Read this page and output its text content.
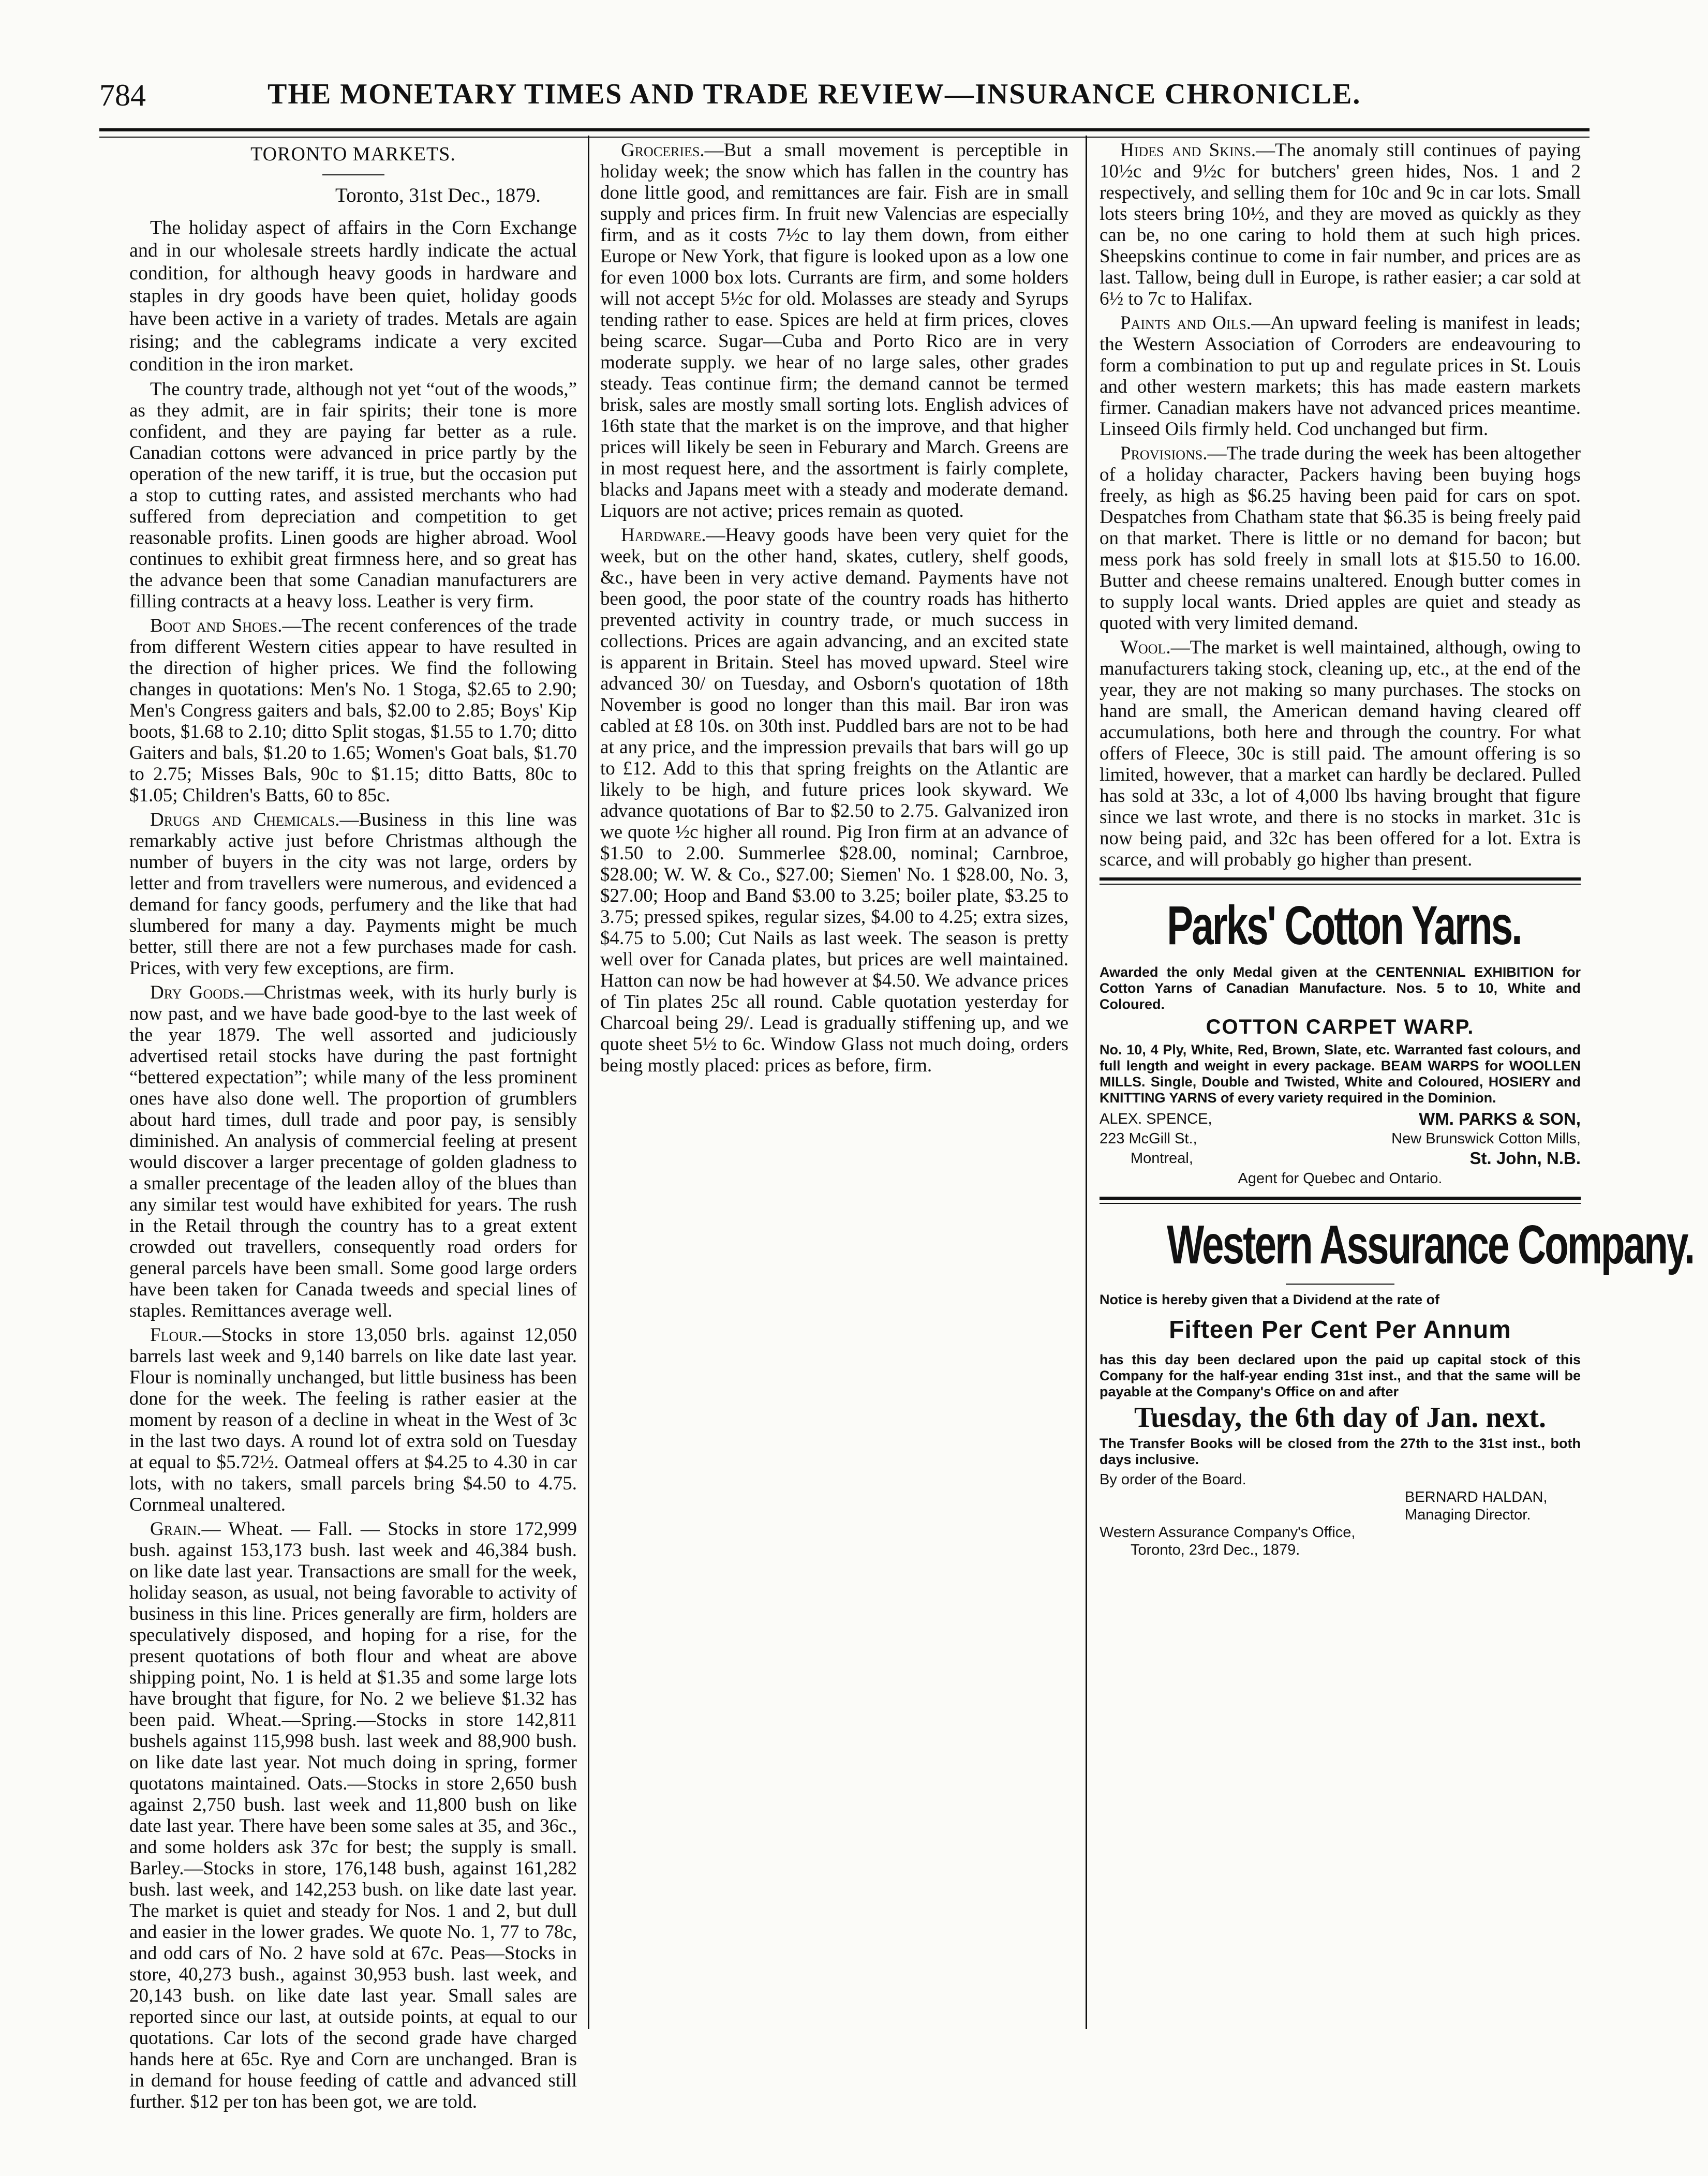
784	THE MONETARY TIMES AND TRADE REVIEW—INSURANCE CHRONICLE.

TORONTO MARKETS.

Toronto, 31st Dec., 1879.

The holiday aspect of affairs in the Corn Exchange and in our wholesale streets hardly indicate the actual condition, for although heavy goods in hardware and staples in dry goods have been quiet, holiday goods have been active in a variety of trades. Metals are again rising; and the cablegrams indicate a very excited condition in the iron market.

The country trade, although not yet “out of the woods,” as they admit, are in fair spirits; their tone is more confident, and they are paying far better as a rule. Canadian cottons were advanced in price partly by the operation of the new tariff, it is true, but the occasion put a stop to cutting rates, and assisted merchants who had suffered from depreciation and competition to get reasonable profits. Linen goods are higher abroad. Wool continues to exhibit great firmness here, and so great has the advance been that some Canadian manufacturers are filling contracts at a heavy loss. Leather is very firm.

Boot and Shoes.—The recent conferences of the trade from different Western cities appear to have resulted in the direction of higher prices. We find the following changes in quotations: Men's No. 1 Stoga, $2.65 to 2.90; Men's Congress gaiters and bals, $2.00 to 2.85; Boys' Kip boots, $1.68 to 2.10; ditto Split stogas, $1.55 to 1.70; ditto Gaiters and bals, $1.20 to 1.65; Women's Goat bals, $1.70 to 2.75; Misses Bals, 90c to $1.15; ditto Batts, 80c to $1.05; Children's Batts, 60 to 85c.

Drugs and Chemicals.—Business in this line was remarkably active just before Christmas although the number of buyers in the city was not large, orders by letter and from travellers were numerous, and evidenced a demand for fancy goods, perfumery and the like that had slumbered for many a day. Payments might be much better, still there are not a few purchases made for cash. Prices, with very few exceptions, are firm.

Dry Goods.—Christmas week, with its hurly burly is now past, and we have bade good-bye to the last week of the year 1879. The well assorted and judiciously advertised retail stocks have during the past fortnight “bettered expectation”; while many of the less prominent ones have also done well. The proportion of grumblers about hard times, dull trade and poor pay, is sensibly diminished. An analysis of commercial feeling at present would discover a larger precentage of golden gladness to a smaller precentage of the leaden alloy of the blues than any similar test would have exhibited for years. The rush in the Retail through the country has to a great extent crowded out travellers, consequently road orders for general parcels have been small. Some good large orders have been taken for Canada tweeds and special lines of staples. Remittances average well.

Flour.—Stocks in store 13,050 brls. against 12,050 barrels last week and 9,140 barrels on like date last year. Flour is nominally unchanged, but little business has been done for the week. The feeling is rather easier at the moment by reason of a decline in wheat in the West of 3c in the last two days. A round lot of extra sold on Tuesday at equal to $5.72½. Oatmeal offers at $4.25 to 4.30 in car lots, with no takers, small parcels bring $4.50 to 4.75. Cornmeal unaltered.

Grain.— Wheat. — Fall. — Stocks in store 172,999 bush. against 153,173 bush. last week and 46,384 bush. on like date last year. Transactions are small for the week, holiday season, as usual, not being favorable to activity of business in this line. Prices generally are firm, holders are speculatively disposed, and hoping for a rise, for the present quotations of both flour and wheat are above shipping point, No. 1 is held at $1.35 and some large lots have brought that figure, for No. 2 we believe $1.32 has been paid. Wheat.—Spring.—Stocks in store 142,811 bushels against 115,998 bush. last week and 88,900 bush. on like date last year. Not much doing in spring, former quotatons maintained. Oats.—Stocks in store 2,650 bush against 2,750 bush. last week and 11,800 bush on like date last year. There have been some sales at 35, and 36c., and some holders ask 37c for best; the supply is small. Barley.—Stocks in store, 176,148 bush, against 161,282 bush. last week, and 142,253 bush. on like date last year. The market is quiet and steady for Nos. 1 and 2, but dull and easier in the lower grades. We quote No. 1, 77 to 78c, and odd cars of No. 2 have sold at 67c. Peas—Stocks in store, 40,273 bush., against 30,953 bush. last week, and 20,143 bush. on like date last year. Small sales are reported since our last, at outside points, at equal to our quotations. Car lots of the second grade have charged hands here at 65c. Rye and Corn are unchanged. Bran is in demand for house feeding of cattle and advanced still further. $12 per ton has been got, we are told.

Groceries.—But a small movement is perceptible in holiday week; the snow which has fallen in the country has done little good, and remittances are fair. Fish are in small supply and prices firm. In fruit new Valencias are especially firm, and as it costs 7½c to lay them down, from either Europe or New York, that figure is looked upon as a low one for even 1000 box lots. Currants are firm, and some holders will not accept 5½c for old. Molasses are steady and Syrups tending rather to ease. Spices are held at firm prices, cloves being scarce. Sugar—Cuba and Porto Rico are in very moderate supply. we hear of no large sales, other grades steady. Teas continue firm; the demand cannot be termed brisk, sales are mostly small sorting lots. English advices of 16th state that the market is on the improve, and that higher prices will likely be seen in Feburary and March. Greens are in most request here, and the assortment is fairly complete, blacks and Japans meet with a steady and moderate demand. Liquors are not active; prices remain as quoted.

Hardware.—Heavy goods have been very quiet for the week, but on the other hand, skates, cutlery, shelf goods, &c., have been in very active demand. Payments have not been good, the poor state of the country roads has hitherto prevented activity in country trade, or much success in collections. Prices are again advancing, and an excited state is apparent in Britain. Steel has moved upward. Steel wire advanced 30/ on Tuesday, and Osborn's quotation of 18th November is good no longer than this mail. Bar iron was cabled at £8 10s. on 30th inst. Puddled bars are not to be had at any price, and the impression prevails that bars will go up to £12. Add to this that spring freights on the Atlantic are likely to be high, and future prices look skyward. We advance quotations of Bar to $2.50 to 2.75. Galvanized iron we quote ½c higher all round. Pig Iron firm at an advance of $1.50 to 2.00. Summerlee $28.00, nominal; Carnbroe, $28.00; W. W. & Co., $27.00; Siemen' No. 1 $28.00, No. 3, $27.00; Hoop and Band $3.00 to 3.25; boiler plate, $3.25 to 3.75; pressed spikes, regular sizes, $4.00 to 4.25; extra sizes, $4.75 to 5.00; Cut Nails as last week. The season is pretty well over for Canada plates, but prices are well maintained. Hatton can now be had however at $4.50. We advance prices of Tin plates 25c all round. Cable quotation yesterday for Charcoal being 29/. Lead is gradually stiffening up, and we quote sheet 5½ to 6c. Window Glass not much doing, orders being mostly placed: prices as before, firm.

Hides and Skins.—The anomaly still continues of paying 10½c and 9½c for butchers' green hides, Nos. 1 and 2 respectively, and selling them for 10c and 9c in car lots. Small lots steers bring 10½, and they are moved as quickly as they can be, no one caring to hold them at such high prices. Sheepskins continue to come in fair number, and prices are as last. Tallow, being dull in Europe, is rather easier; a car sold at 6½ to 7c to Halifax.

Paints and Oils.—An upward feeling is manifest in leads; the Western Association of Corroders are endeavouring to form a combination to put up and regulate prices in St. Louis and other western markets; this has made eastern markets firmer. Canadian makers have not advanced prices meantime. Linseed Oils firmly held. Cod unchanged but firm.

Provisions.—The trade during the week has been altogether of a holiday character, Packers having been buying hogs freely, as high as $6.25 having been paid for cars on spot. Despatches from Chatham state that $6.35 is being freely paid on that market. There is little or no demand for bacon; but mess pork has sold freely in small lots at $15.50 to 16.00. Butter and cheese remains unaltered. Enough butter comes in to supply local wants. Dried apples are quiet and steady as quoted with very limited demand.

Wool.—The market is well maintained, although, owing to manufacturers taking stock, cleaning up, etc., at the end of the year, they are not making so many purchases. The stocks on hand are small, the American demand having cleared off accumulations, both here and through the country. For what offers of Fleece, 30c is still paid. The amount offering is so limited, however, that a market can hardly be declared. Pulled has sold at 33c, a lot of 4,000 lbs having brought that figure since we last wrote, and there is no stocks in market. 31c is now being paid, and 32c has been offered for a lot. Extra is scarce, and will probably go higher than present.

Parks' Cotton Yarns.

Awarded the only Medal given at the CENTENNIAL EXHIBITION for Cotton Yarns of Canadian Manufacture. Nos. 5 to 10, White and Coloured.

COTTON CARPET WARP.

No. 10, 4 Ply, White, Red, Brown, Slate, etc. Warranted fast colours, and full length and weight in every package. BEAM WARPS for WOOLLEN MILLS. Single, Double and Twisted, White and Coloured, HOSIERY and KNITTING YARNS of every variety required in the Dominion.

ALEX. SPENCE,	WM. PARKS & SON,
223 McGill St.,	New Brunswick Cotton Mills,
Montreal,	St. John, N.B.
Agent for Quebec and Ontario.
Western Assurance Company.

Notice is hereby given that a Dividend at the rate of

Fifteen Per Cent Per Annum

has this day been declared upon the paid up capital stock of this Company for the half-year ending 31st inst., and that the same will be payable at the Company's Office on and after

Tuesday, the 6th day of Jan. next.

The Transfer Books will be closed from the 27th to the 31st inst., both days inclusive.

By order of the Board.
BERNARD HALDAN,
Managing Director.
Western Assurance Company's Office,
Toronto, 23rd Dec., 1879.
